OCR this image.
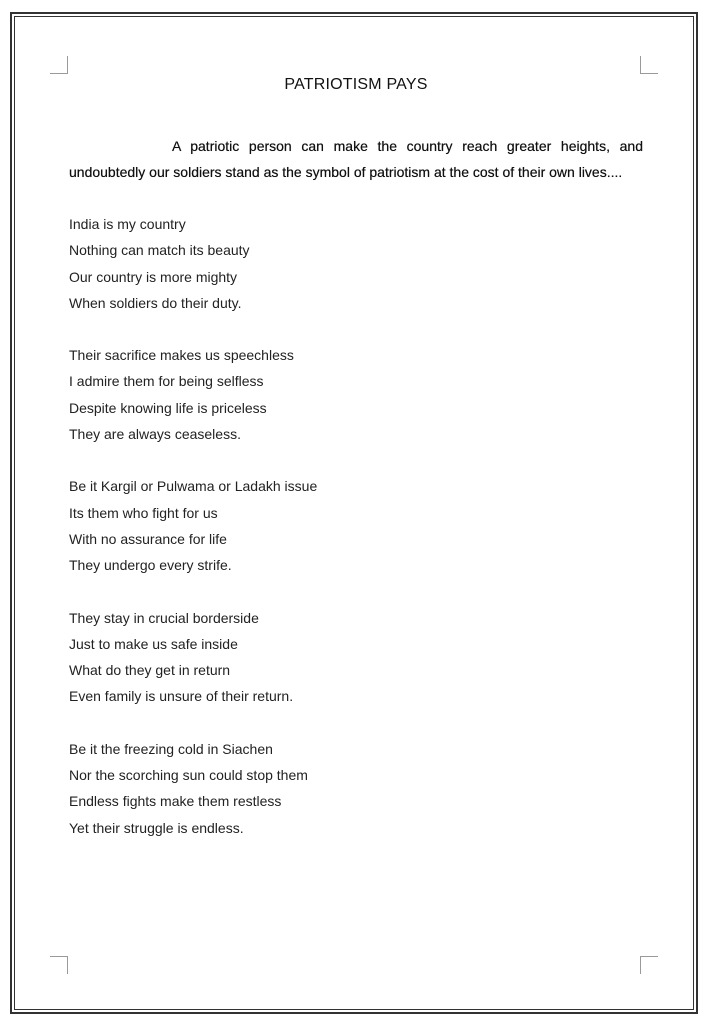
PATRIOTISM PAYS

A patriotic person can make the country reach greater heights, and undoubtedly our soldiers stand as the symbol of patriotism at the cost of their own lives....

India is my country
Nothing can match its beauty
Our country is more mighty
When soldiers do their duty.
Their sacrifice makes us speechless
I admire them for being selfless
Despite knowing life is priceless
They are always ceaseless.
Be it Kargil or Pulwama or Ladakh issue
Its them who fight for us
With no assurance for life
They undergo every strife.
They stay in crucial borderside
Just to make us safe inside
What do they get in return
Even family is unsure of their return.
Be it the freezing cold in Siachen
Nor the scorching sun could stop them
Endless fights make them restless
Yet their struggle is endless.
